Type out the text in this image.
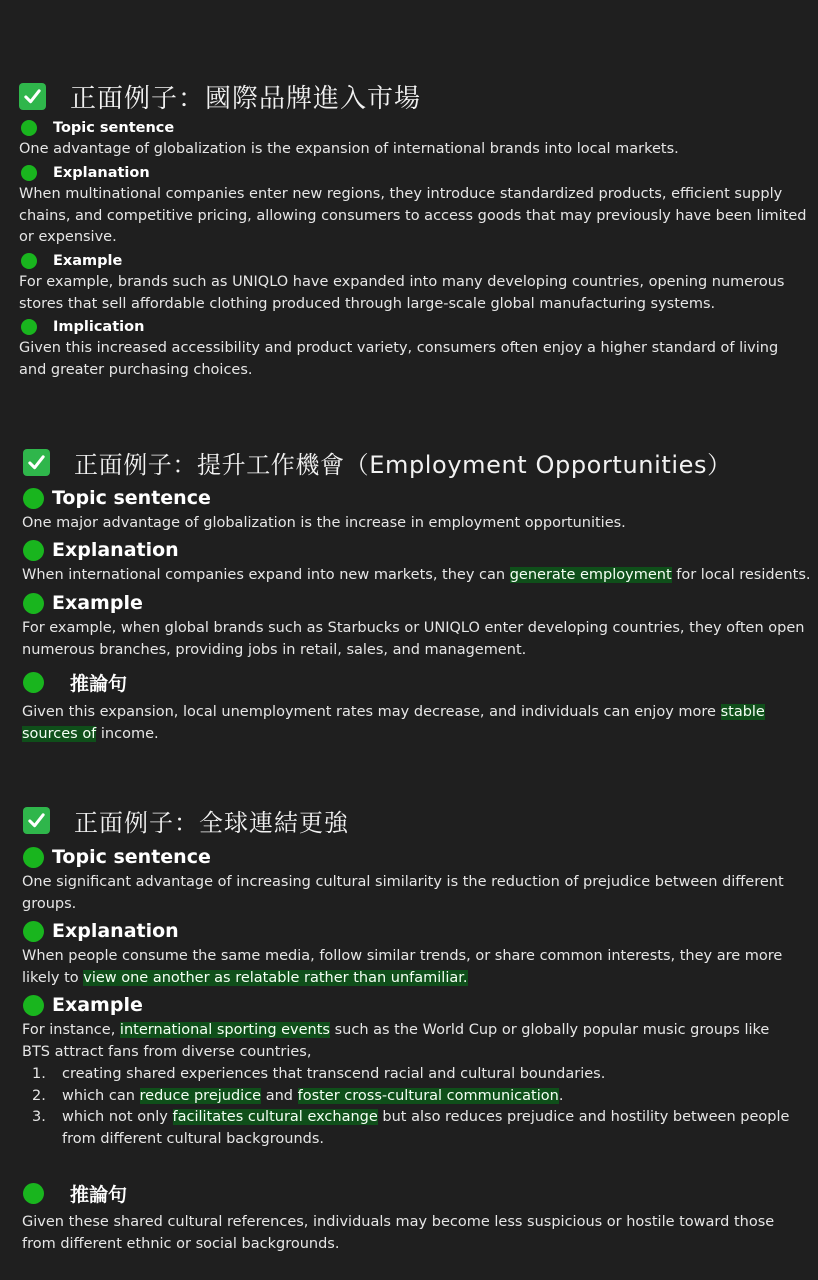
正面例子：國際品牌進入市場
Topic sentence

One advantage of globalization is the expansion of international brands into local markets.

Explanation

When multinational companies enter new regions, they introduce standardized products, efficient supply chains, and competitive pricing, allowing consumers to access goods that may previously have been limited or expensive.

Example

For example, brands such as UNIQLO have expanded into many developing countries, opening numerous stores that sell affordable clothing produced through large-scale global manufacturing systems.

Implication

Given this increased accessibility and product variety, consumers often enjoy a higher standard of living and greater purchasing choices.

正面例子：提升工作機會（Employment Opportunities）
Topic sentence

One major advantage of globalization is the increase in employment opportunities.

Explanation

When international companies expand into new markets, they can generate employment for local residents.

Example

For example, when global brands such as Starbucks or UNIQLO enter developing countries, they often open numerous branches, providing jobs in retail, sales, and management.

推論句

Given this expansion, local unemployment rates may decrease, and individuals can enjoy more stable sources of income.

正面例子：全球連結更強
Topic sentence

One significant advantage of increasing cultural similarity is the reduction of prejudice between different groups.

Explanation

When people consume the same media, follow similar trends, or share common interests, they are more likely to view one another as relatable rather than unfamiliar.

Example

For instance, international sporting events such as the World Cup or globally popular music groups like BTS attract fans from diverse countries,

1. creating shared experiences that transcend racial and cultural boundaries.
2. which can reduce prejudice and foster cross-cultural communication.
3. which not only facilitates cultural exchange but also reduces prejudice and hostility between people from different cultural backgrounds.
推論句

Given these shared cultural references, individuals may become less suspicious or hostile toward those from different ethnic or social backgrounds.
